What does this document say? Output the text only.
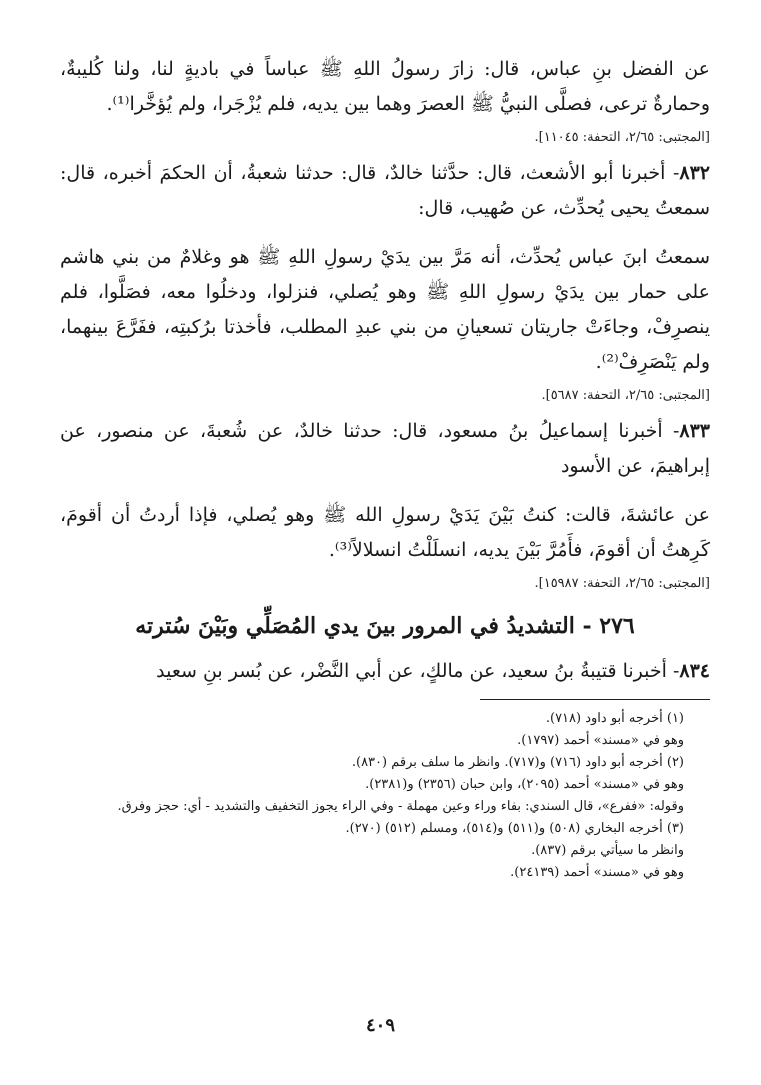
عن الفضل بنِ عباس، قال: زارَ رسولُ اللهِ ﷺ عباساً في باديةٍ لنا، ولنا كُليبةٌ، وحمارةٌ ترعى، فصلَّى النبيُّ ﷺ العصرَ وهما بين يديه، فلم يُزْجَرا، ولم يُؤخَّرا⁽¹⁾.

[المجتبى: ٢/٦٥، التحفة: ١١٠٤٥].

٨٣٢- أخبرنا أبو الأشعث، قال: حدَّثنا خالدٌ، قال: حدثنا شعبةُ، أن الحكمَ أخبره، قال: سمعتُ يحيى يُحدِّث، عن صُهيب، قال:

سمعتُ ابنَ عباس يُحدِّث، أنه مَرَّ بين يدَيْ رسولِ اللهِ ﷺ هو وغلامٌ من بني هاشم على حمار بين يدَيْ رسولِ اللهِ ﷺ وهو يُصلي، فنزلوا، ودخلُوا معه، فصَلَّوا، فلم ينصرِفْ، وجاءَتْ جاريتان تسعيانِ من بني عبدِ المطلب، فأخذتا برُكبتِه، ففَرَّعَ بينهما، ولم يَنْصَرِفْ⁽²⁾.

[المجتبى: ٢/٦٥، التحفة: ٥٦٨٧].

٨٣٣- أخبرنا إسماعيلُ بنُ مسعود، قال: حدثنا خالدٌ، عن شُعبةَ، عن منصور، عن إبراهيمَ، عن الأسود

عن عائشةَ، قالت: كنتُ بَيْنَ يَدَيْ رسولِ الله ﷺ وهو يُصلي، فإذا أردتُ أن أقومَ، كَرِهتُ أن أقومَ، فأَمُرَّ بَيْنَ يديه، انسلَلْتُ انسلالاً⁽³⁾.

[المجتبى: ٢/٦٥، التحفة: ١٥٩٨٧].

٢٧٦ - التشديدُ في المرور بينَ يدي المُصَلِّي وبَيْنَ سُترته

٨٣٤- أخبرنا قتيبةُ بنُ سعيد، عن مالكٍ، عن أبي النَّضْر، عن بُسر بنِ سعيد

(١) أخرجه أبو داود (٧١٨).

وهو في «مسند» أحمد (١٧٩٧).

(٢) أخرجه أبو داود (٧١٦) و(٧١٧). وانظر ما سلف برقم (٨٣٠).

وهو في «مسند» أحمد (٢٠٩٥)، وابن حبان (٢٣٥٦) و(٢٣٨١).

وقوله: «ففرع»، قال السندي: بفاء وراء وعين مهملة - وفي الراء يجوز التخفيف والتشديد - أي: حجز وفرق.

(٣) أخرجه البخاري (٥٠٨) و(٥١١) و(٥١٤)، ومسلم (٥١٢) (٢٧٠).

وانظر ما سيأتي برقم (٨٣٧).

وهو في «مسند» أحمد (٢٤١٣٩).

٤٠٩
